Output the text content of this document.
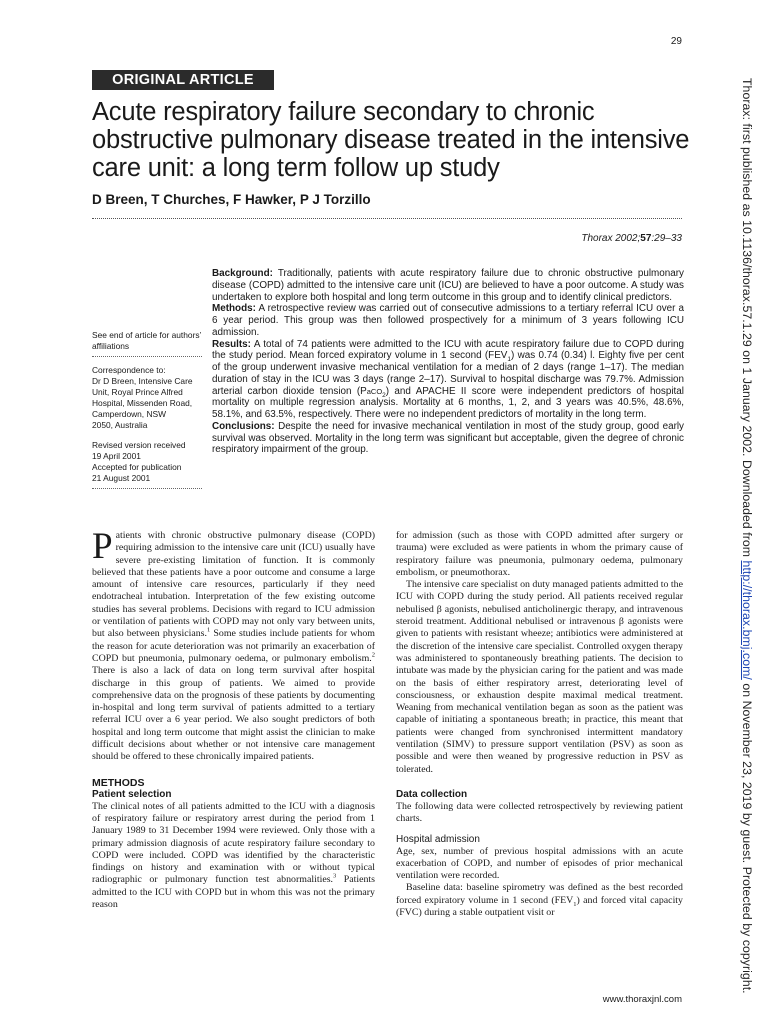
29
ORIGINAL ARTICLE
Acute respiratory failure secondary to chronic obstructive pulmonary disease treated in the intensive care unit: a long term follow up study
D Breen, T Churches, F Hawker, P J Torzillo
Thorax 2002;57:29–33

See end of article for authors’ affiliations

Correspondence to:

Dr D Breen, Intensive Care

Unit, Royal Prince Alfred

Hospital, Missenden Road,

Camperdown, NSW

2050, Australia

Revised version received

19 April 2001

Accepted for publication

21 August 2001

Background: Traditionally, patients with acute respiratory failure due to chronic obstructive pulmonary disease (COPD) admitted to the intensive care unit (ICU) are believed to have a poor outcome. A study was undertaken to explore both hospital and long term outcome in this group and to identify clinical predictors.

Methods: A retrospective review was carried out of consecutive admissions to a tertiary referral ICU over a 6 year period. This group was then followed prospectively for a minimum of 3 years following ICU admission.

Results: A total of 74 patients were admitted to the ICU with acute respiratory failure due to COPD during the study period. Mean forced expiratory volume in 1 second $(FEV_1)$ was 0.74 (0.34) l. Eighty five per cent of the group underwent invasive mechanical ventilation for a median of 2 days (range 1–17). The median duration of stay in the ICU was 3 days (range 2–17). Survival to hospital discharge was 79.7%. Admission arterial carbon dioxide tension (PaCO$_2$) and APACHE II score were independent predictors of hospital mortality on multiple regression analysis. Mortality at 6 months, 1, 2, and 3 years was 40.5%, 48.6%, 58.1%, and 63.5%, respectively. There were no independent predictors of mortality in the long term.

Conclusions: Despite the need for invasive mechanical ventilation in most of the study group, good early survival was observed. Mortality in the long term was significant but acceptable, given the degree of chronic respiratory impairment of the group.

Patients with chronic obstructive pulmonary disease (COPD) requiring admission to the intensive care unit (ICU) usually have severe pre-existing limitation of function. It is commonly believed that these patients have a poor outcome and consume a large amount of intensive care resources, particularly if they need endotracheal intubation. Interpretation of the few existing outcome studies has several problems. Decisions with regard to ICU admission or ventilation of patients with COPD may not only vary between units, but also between physicians.$^1$ Some studies include patients for whom the reason for acute deterioration was not primarily an exacerbation of COPD but pneumonia, pulmonary oedema, or pulmonary embolism.$^2$ There is also a lack of data on long term survival after hospital discharge in this group of patients. We aimed to provide comprehensive data on the prognosis of these patients by documenting in-hospital and long term survival of patients admitted to a tertiary referral ICU over a 6 year period. We also sought predictors of both hospital and long term outcome that might assist the clinician to make difficult decisions about whether or not intensive care management should be offered to these chronically impaired patients.

METHODS

Patient selection

The clinical notes of all patients admitted to the ICU with a diagnosis of respiratory failure or respiratory arrest during the period from 1 January 1989 to 31 December 1994 were reviewed. Only those with a primary admission diagnosis of acute respiratory failure secondary to COPD were included. COPD was identified by the characteristic findings on history and examination with or without typical radiographic or pulmonary function test abnormalities.$^3$ Patients admitted to the ICU with COPD but in whom this was not the primary reason

for admission (such as those with COPD admitted after surgery or trauma) were excluded as were patients in whom the primary cause of respiratory failure was pneumonia, pulmonary oedema, pulmonary embolism, or pneumothorax.

The intensive care specialist on duty managed patients admitted to the ICU with COPD during the study period. All patients received regular nebulised β agonists, nebulised anticholinergic therapy, and intravenous steroid treatment. Additional nebulised or intravenous β agonists were given to patients with resistant wheeze; antibiotics were administered at the discretion of the intensive care specialist. Controlled oxygen therapy was administered to spontaneously breathing patients. The decision to intubate was made by the physician caring for the patient and was made on the basis of either respiratory arrest, deteriorating level of consciousness, or exhaustion despite maximal medical treatment. Weaning from mechanical ventilation began as soon as the patient was capable of initiating a spontaneous breath; in practice, this meant that patients were changed from synchronised intermittent mandatory ventilation (SIMV) to pressure support ventilation (PSV) as soon as possible and were then weaned by progressive reduction in PSV as tolerated.

Data collection

The following data were collected retrospectively by reviewing patient charts.

Hospital admission

Age, sex, number of previous hospital admissions with an acute exacerbation of COPD, and number of episodes of prior mechanical ventilation were recorded.

Baseline data: baseline spirometry was defined as the best recorded forced expiratory volume in 1 second $(FEV_1)$ and forced vital capacity (FVC) during a stable outpatient visit or

Thorax: first published as 10.1136/thorax.57.1.29 on 1 January 2002. Downloaded from http://thorax.bmj.com/ on November 23, 2019 by guest. Protected by copyright.
www.thoraxjnl.com
